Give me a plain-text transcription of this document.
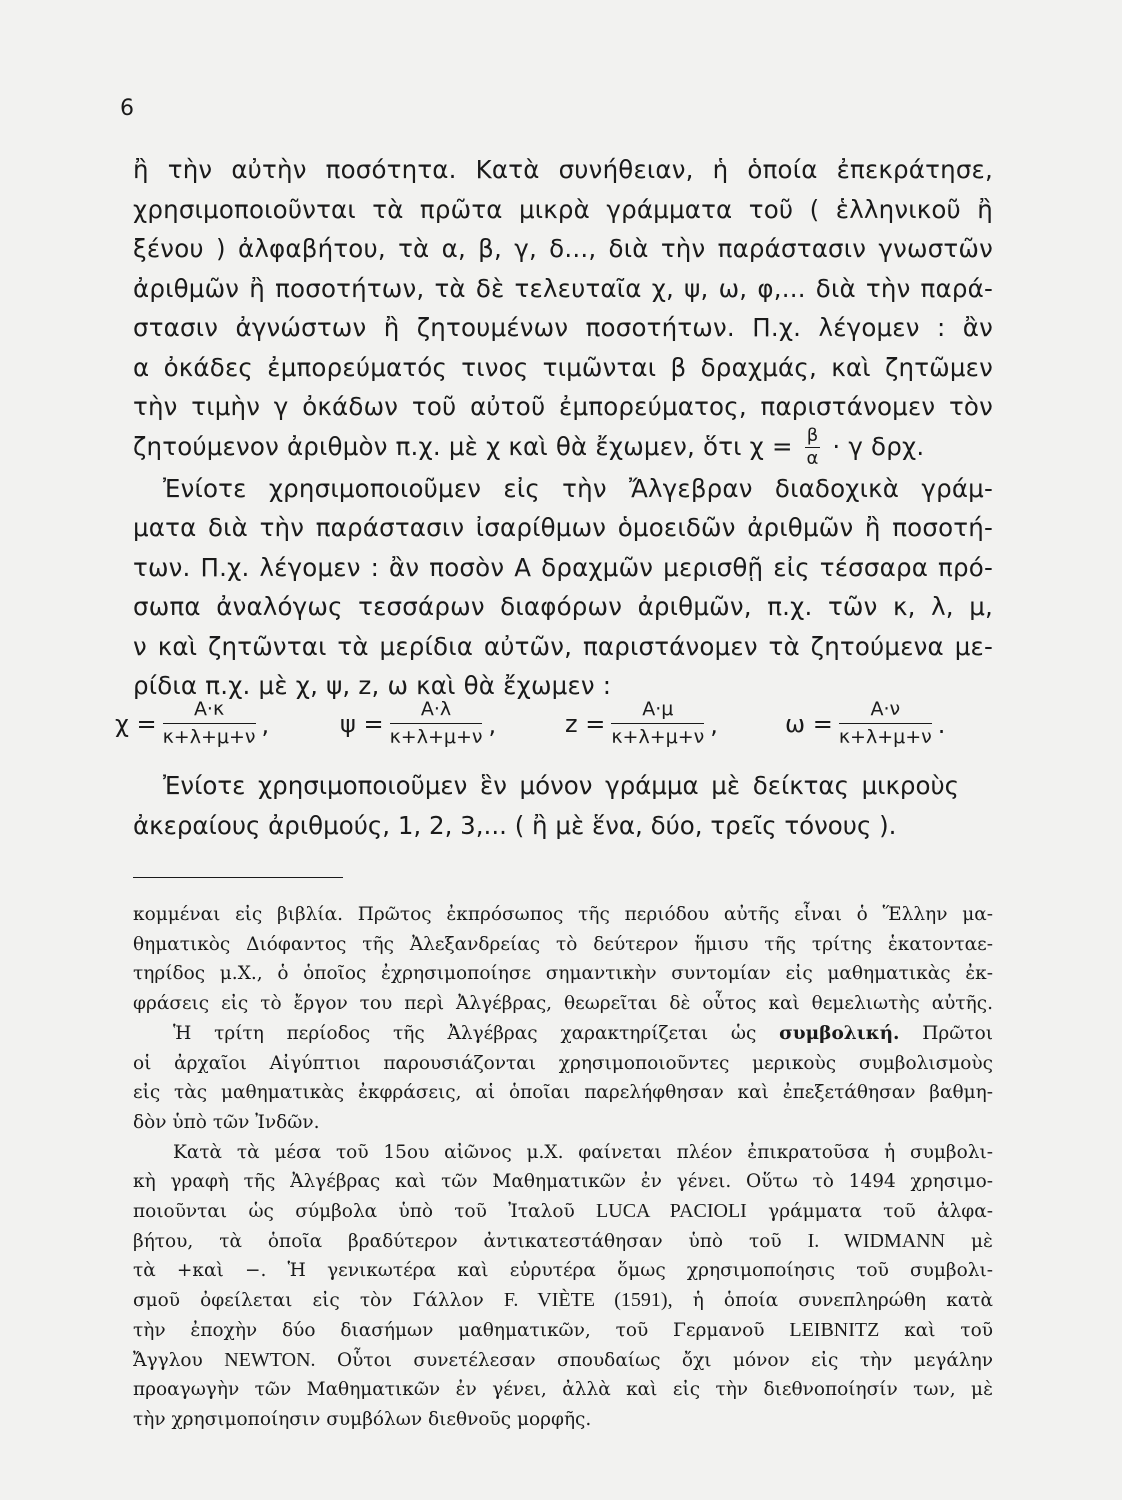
6
ἢ τὴν αὐτὴν ποσότητα. Κατὰ συνήθειαν, ἡ ὁποία ἐπεκράτησε,
χρησιμοποιοῦνται τὰ πρῶτα μικρὰ γράμματα τοῦ ( ἑλληνικοῦ ἢ
ξένου ) ἀλφαβήτου, τὰ α, β, γ, δ..., διὰ τὴν παράστασιν γνωστῶν
ἀριθμῶν ἢ ποσοτήτων, τὰ δὲ τελευταῖα χ, ψ, ω, φ,... διὰ τὴν παρά-
στασιν ἀγνώστων ἢ ζητουμένων ποσοτήτων. Π.χ. λέγομεν : ἂν
α ὀκάδες ἐμπορεύματός τινος τιμῶνται β δραχμάς, καὶ ζητῶμεν
τὴν τιμὴν γ ὀκάδων τοῦ αὐτοῦ ἐμπορεύματος, παριστάνομεν τὸν
ζητούμενον ἀριθμὸν π.χ. μὲ χ καὶ θὰ ἔχωμεν, ὅτι $\chi = \frac{\beta}{\alpha} \cdot \gamma$ δρχ.
Ἐνίοτε χρησιμοποιοῦμεν εἰς τὴν Ἄλγεβραν διαδοχικὰ γράμ-
ματα διὰ τὴν παράστασιν ἰσαρίθμων ὁμοειδῶν ἀριθμῶν ἢ ποσοτή-
των. Π.χ. λέγομεν : ἂν ποσὸν Α δραχμῶν μερισθῇ εἰς τέσσαρα πρό-
σωπα ἀναλόγως τεσσάρων διαφόρων ἀριθμῶν, π.χ. τῶν κ, λ, μ,
ν καὶ ζητῶνται τὰ μερίδια αὐτῶν, παριστάνομεν τὰ ζητούμενα με-
ρίδια π.χ. μὲ χ, ψ, z, ω καὶ θὰ ἔχωμεν :
$\chi = \frac{A\cdot\kappa}{\kappa+\lambda+\mu+\nu}$ ,	$\psi = \frac{A\cdot\lambda}{\kappa+\lambda+\mu+\nu}$ ,	$z = \frac{A\cdot\mu}{\kappa+\lambda+\mu+\nu}$ ,	$\omega = \frac{A\cdot\nu}{\kappa+\lambda+\mu+\nu}$ .
Ἐνίοτε χρησιμοποιοῦμεν ἓν μόνον γράμμα μὲ δείκτας μικροὺς
ἀκεραίους ἀριθμούς, 1, 2, 3,... ( ἢ μὲ ἕνα, δύο, τρεῖς τόνους ).
κομμέναι εἰς βιβλία. Πρῶτος ἐκπρόσωπος τῆς περιόδου αὐτῆς εἶναι ὁ Ἕλλην μα-
θηματικὸς Διόφαντος τῆς Ἀλεξανδρείας τὸ δεύτερον ἥμισυ τῆς τρίτης ἑκατονταε-
τηρίδος μ.Χ., ὁ ὁποῖος ἐχρησιμοποίησε σημαντικὴν συντομίαν εἰς μαθηματικὰς ἐκ-
φράσεις εἰς τὸ ἔργον του περὶ Ἀλγέβρας, θεωρεῖται δὲ οὗτος καὶ θεμελιωτὴς αὐτῆς.
Ἡ τρίτη περίοδος τῆς Ἀλγέβρας χαρακτηρίζεται ὡς συμβολική. Πρῶτοι
οἱ ἀρχαῖοι Αἰγύπτιοι παρουσιάζονται χρησιμοποιοῦντες μερικοὺς συμβολισμοὺς
εἰς τὰς μαθηματικὰς ἐκφράσεις, αἱ ὁποῖαι παρελήφθησαν καὶ ἐπεξετάθησαν βαθμη-
δὸν ὑπὸ τῶν Ἰνδῶν.
Κατὰ τὰ μέσα τοῦ 15ου αἰῶνος μ.Χ. φαίνεται πλέον ἐπικρατοῦσα ἡ συμβολι-
κὴ γραφὴ τῆς Ἀλγέβρας καὶ τῶν Μαθηματικῶν ἐν γένει. Οὕτω τὸ 1494 χρησιμο-
ποιοῦνται ὡς σύμβολα ὑπὸ τοῦ Ἰταλοῦ LUCA PACIOLI γράμματα τοῦ ἀλφα-
βήτου, τὰ ὁποῖα βραδύτερον ἀντικατεστάθησαν ὑπὸ τοῦ I. WIDMANN μὲ
τὰ +καὶ −. Ἡ γενικωτέρα καὶ εὐρυτέρα ὅμως χρησιμοποίησις τοῦ συμβολι-
σμοῦ ὀφείλεται εἰς τὸν Γάλλον F. VIÈTE (1591), ἡ ὁποία συνεπληρώθη κατὰ
τὴν ἐποχὴν δύο διασήμων μαθηματικῶν, τοῦ Γερμανοῦ LEIBNITZ καὶ τοῦ
Ἄγγλου NEWTON. Οὗτοι συνετέλεσαν σπουδαίως ὄχι μόνον εἰς τὴν μεγάλην
προαγωγὴν τῶν Μαθηματικῶν ἐν γένει, ἀλλὰ καὶ εἰς τὴν διεθνοποίησίν των, μὲ
τὴν χρησιμοποίησιν συμβόλων διεθνοῦς μορφῆς.
